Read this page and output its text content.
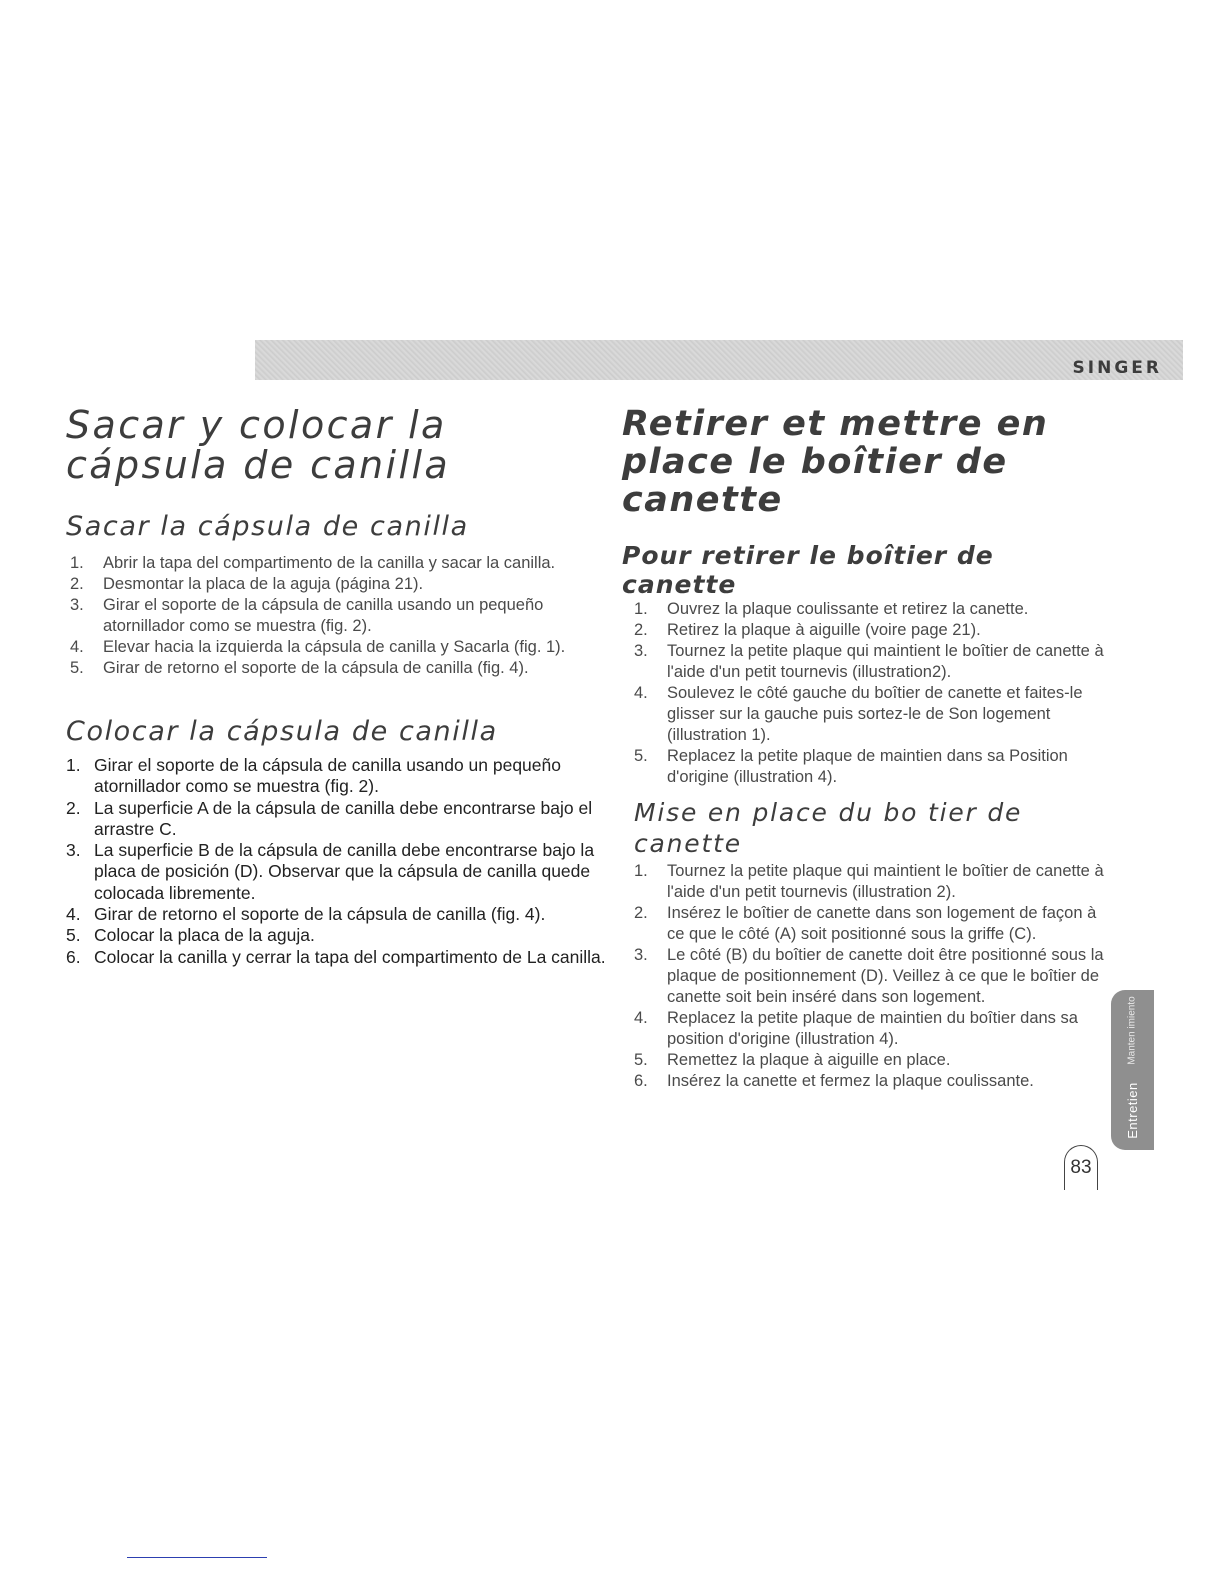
SINGER
Sacar y colocar la cápsula de canilla
Sacar la cápsula de canilla
1. Abrir la tapa del compartimento de la canilla y sacar la canilla.
2. Desmontar la placa de la aguja (página 21).
3. Girar el soporte de la cápsula de canilla usando un pequeño atornillador como se muestra (fig. 2).
4. Elevar hacia la izquierda la cápsula de canilla y Sacarla (fig. 1).
5. Girar de retorno el soporte de la cápsula de canilla (fig. 4).
Colocar la cápsula de canilla
1. Girar el soporte de la cápsula de canilla usando un pequeño atornillador como se muestra (fig. 2).
2. La superficie A de la cápsula de canilla debe encontrarse bajo el arrastre C.
3. La superficie B de la cápsula de canilla debe encontrarse bajo la placa de posición (D). Observar que la cápsula de canilla quede colocada libremente.
4. Girar de retorno el soporte de la cápsula de canilla (fig. 4).
5. Colocar la placa de la aguja.
6. Colocar la canilla y cerrar la tapa del compartimento de La canilla.
Retirer et mettre en place le boîtier de canette
Pour retirer le boîtier de canette
1. Ouvrez la plaque coulissante et retirez la canette.
2. Retirez la plaque à aiguille (voire page 21).
3. Tournez la petite plaque qui maintient le boîtier de canette à l'aide d'un petit tournevis (illustration2).
4. Soulevez le côté gauche du boîtier de canette et faites-le glisser sur la gauche puis sortez-le de Son logement (illustration 1).
5. Replacez la petite plaque de maintien dans sa Position d'origine (illustration 4).
Mise en place du bo tier de canette
1. Tournez la petite plaque qui maintient le boîtier de canette à l'aide d'un petit tournevis (illustration 2).
2. Insérez le boîtier de canette dans son logement de façon à ce que le côté (A) soit positionné sous la griffe (C).
3. Le côté (B) du boîtier de canette doit être positionné sous la plaque de positionnement (D). Veillez à ce que le boîtier de canette soit bein inséré dans son logement.
4. Replacez la petite plaque de maintien du boîtier dans sa position d'origine (illustration 4).
5. Remettez la plaque à aiguille en place.
6. Insérez la canette et fermez la plaque coulissante.
Manten imiento
Entretien
83
